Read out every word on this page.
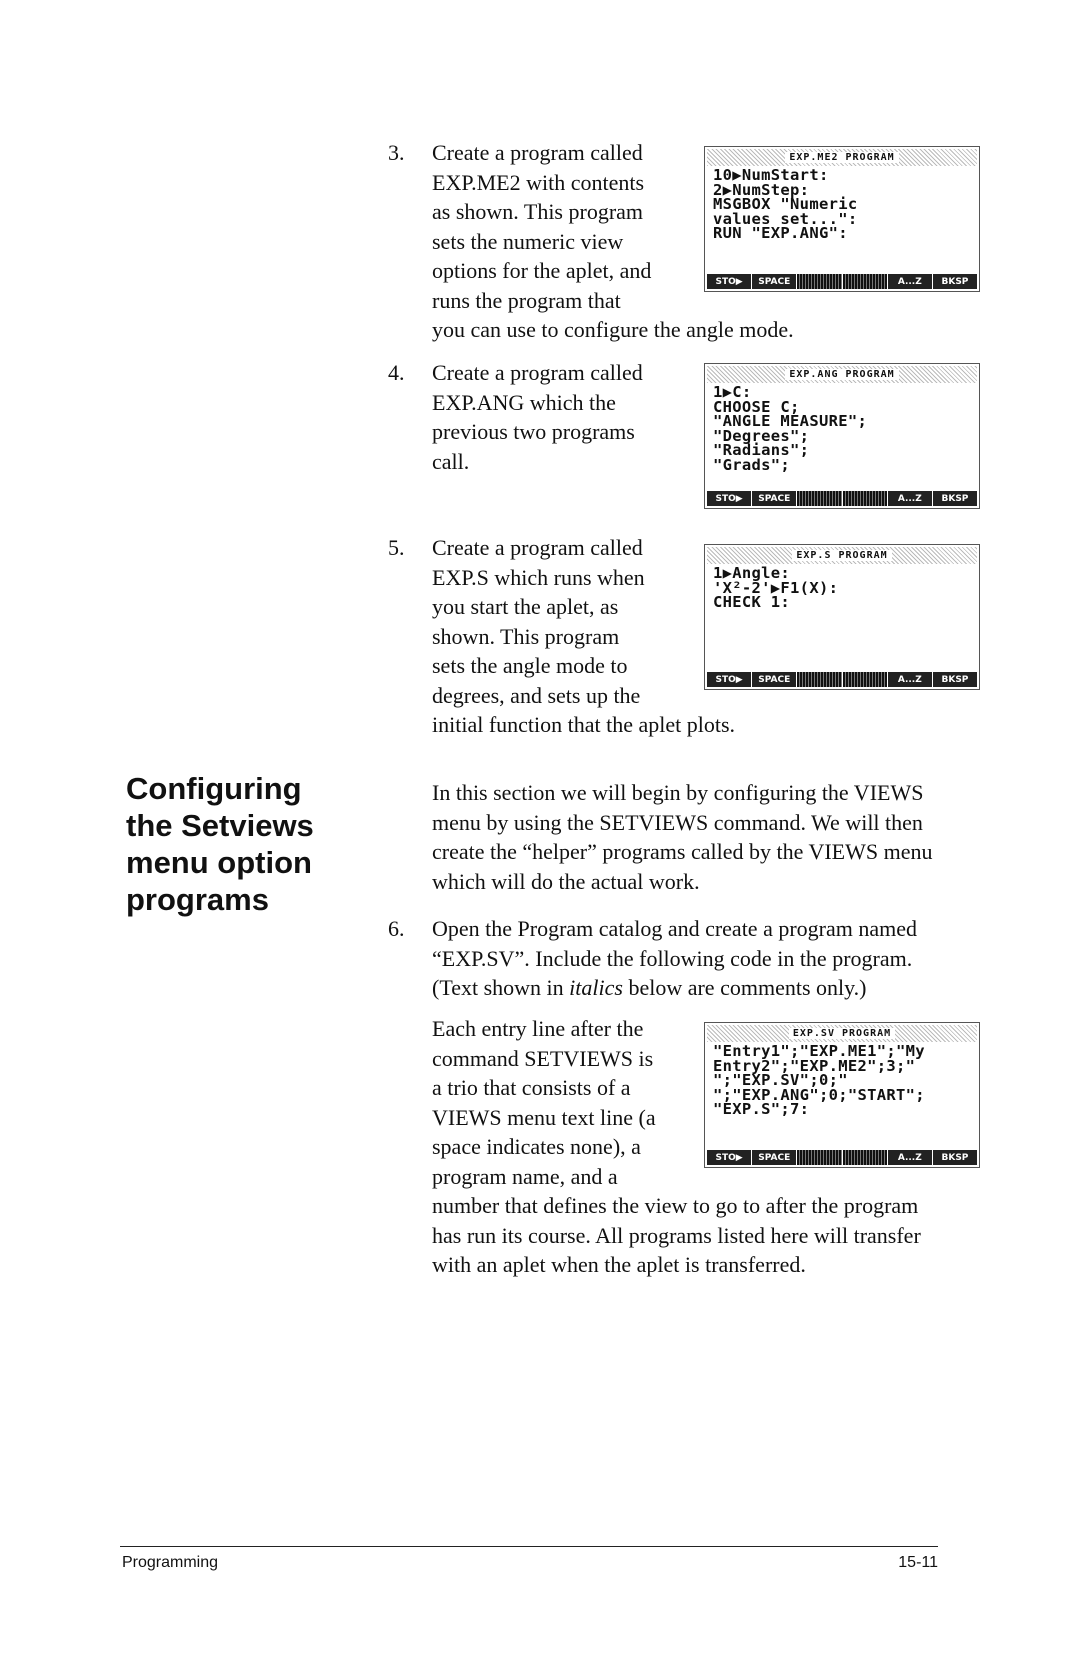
3. Create a program called
EXP.ME2 with contents
as shown. This program
sets the numeric view
options for the aplet, and
runs the program that
you can use to configure the angle mode.
EXP.ME2 PROGRAM
10▶NumStart:
2▶NumStep:
MSGBOX "Numeric
values set...":
RUN "EXP.ANG":
STO▶	SPACE	A...Z	BKSP
4. Create a program called
EXP.ANG which the
previous two programs
call.
EXP.ANG PROGRAM
1▶C:
CHOOSE C;
"ANGLE MEASURE";
"Degrees";
"Radians";
"Grads";
STO▶	SPACE	A...Z	BKSP
5. Create a program called
EXP.S which runs when
you start the aplet, as
shown. This program
sets the angle mode to
degrees, and sets up the
initial function that the aplet plots.
EXP.S PROGRAM
1▶Angle:
'X²-2'▶F1(X):
CHECK 1:
STO▶	SPACE	A...Z	BKSP
Configuring
the Setviews
menu option
programs
In this section we will begin by configuring the VIEWS
menu by using the SETVIEWS command. We will then
create the “helper” programs called by the VIEWS menu
which will do the actual work.
6. Open the Program catalog and create a program named
“EXP.SV”. Include the following code in the program.
(Text shown in italics below are comments only.)
Each entry line after the
command SETVIEWS is
a trio that consists of a
VIEWS menu text line (a
space indicates none), a
program name, and a
number that defines the view to go to after the program
has run its course. All programs listed here will transfer
with an aplet when the aplet is transferred.
EXP.SV PROGRAM
"Entry1";"EXP.ME1";"My
Entry2";"EXP.ME2";3;"
";"EXP.SV";0;"
";"EXP.ANG";0;"START";
"EXP.S";7:
STO▶	SPACE	A...Z	BKSP
Programming	15-11
